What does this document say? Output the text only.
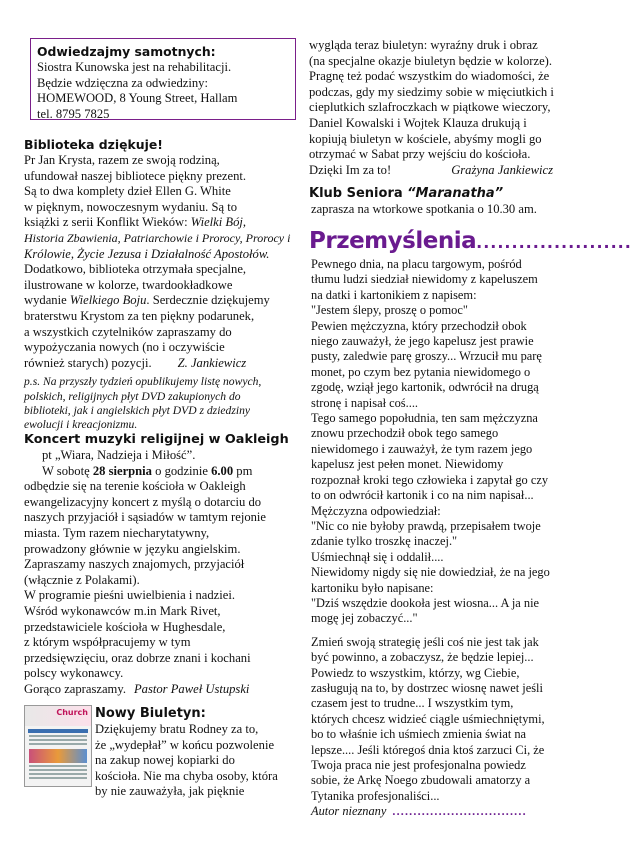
Odwiedzajmy samotnych:

Siostra Kunowska jest na rehabilitacji.

Będzie wdzięczna za odwiedziny:

HOMEWOOD, 8 Young Street, Hallam

tel. 8795 7825

Biblioteka dziękuje!

Pr Jan Krysta, razem ze swoją rodziną,

ufundował naszej bibliotece piękny prezent.

Są to dwa komplety dzieł Ellen G. White

w pięknym, nowoczesnym wydaniu. Są to

książki z serii Konflikt Wieków: Wielki Bój,

Historia Zbawienia, Patriarchowie i Prorocy, Prorocy i

Królowie, Życie Jezusa i Działalność Apostołów.

Dodatkowo, biblioteka otrzymała specjalne,

ilustrowane w kolorze, twardookładkowe

wydanie Wielkiego Boju. Serdecznie dziękujemy

braterstwu Krystom za ten piękny podarunek,

a wszystkich czytelników zapraszamy do

wypożyczania nowych (no i oczywiście

również starych) pozycji. Z. Jankiewicz

p.s. Na przyszły tydzień opublikujemy listę nowych,

polskich, religijnych płyt DVD zakupionych do

biblioteki, jak i angielskich płyt DVD z dziedziny

ewolucji i kreacjonizmu.

Koncert muzyki religijnej w Oakleigh

pt „Wiara, Nadzieja i Miłość”.

W sobotę 28 sierpnia o godzinie 6.00 pm

odbędzie się na terenie kościoła w Oakleigh

ewangelizacyjny koncert z myślą o dotarciu do

naszych przyjaciół i sąsiadów w tamtym rejonie

miasta. Tym razem niecharytatywny,

prowadzony głównie w języku angielskim.

Zapraszamy naszych znajomych, przyjaciół

(włącznie z Polakami).

W programie pieśni uwielbienia i nadziei.

Wśród wykonawców m.in Mark Rivet,

przedstawiciele kościoła w Hughesdale,

z którym współpracujemy w tym

przedsięwzięciu, oraz dobrze znani i kochani

polscy wykonawcy.

Gorąco zapraszamy. Pastor Paweł Ustupski

Church Nowy Biuletyn:

Dziękujemy bratu Rodney za to,

że „wydepłał” w końcu pozwolenie

na zakup nowej kopiarki do

kościoła. Nie ma chyba osoby, która

by nie zauważyła, jak pięknie

wygląda teraz biuletyn: wyraźny druk i obraz

(na specjalne okazje biuletyn będzie w kolorze).

Pragnę też podać wszystkim do wiadomości, że

podczas, gdy my siedzimy sobie w mięciutkich i

cieplutkich szlafroczkach w piątkowe wieczory,

Daniel Kowalski i Wojtek Klauza drukują i

kopiują biuletyn w kościele, abyśmy mogli go

otrzymać w Sabat przy wejściu do kościoła.

Dzięki Im za to!	Grażyna Jankiewicz

Klub Seniora “Maranatha”

zaprasza na wtorkowe spotkania o 10.30 am.

Przemyślenia......................

Pewnego dnia, na placu targowym, pośród

tłumu ludzi siedział niewidomy z kapeluszem

na datki i kartonikiem z napisem:

"Jestem ślepy, proszę o pomoc"

Pewien mężczyzna, który przechodził obok

niego zauważył, że jego kapelusz jest prawie

pusty, zaledwie parę groszy... Wrzucił mu parę

monet, po czym bez pytania niewidomego o

zgodę, wziął jego kartonik, odwrócił na drugą

stronę i napisał coś....

Tego samego popołudnia, ten sam mężczyzna

znowu przechodził obok tego samego

niewidomego i zauważył, że tym razem jego

kapelusz jest pełen monet. Niewidomy

rozpoznał kroki tego człowieka i zapytał go czy

to on odwrócił kartonik i co na nim napisał...

Mężczyzna odpowiedział:

"Nic co nie byłoby prawdą, przepisałem twoje

zdanie tylko troszkę inaczej."

Uśmiechnął się i oddalił....

Niewidomy nigdy się nie dowiedział, że na jego

kartoniku było napisane:

"Dziś wszędzie dookoła jest wiosna... A ja nie

mogę jej zobaczyć..."

Zmień swoją strategię jeśli coś nie jest tak jak

być powinno, a zobaczysz, że będzie lepiej...

Powiedz to wszystkim, którzy, wg Ciebie,

zasługują na to, by dostrzec wiosnę nawet jeśli

czasem jest to trudne... I wszystkim tym,

których chcesz widzieć ciągle uśmiechniętymi,

bo to właśnie ich uśmiech zmienia świat na

lepsze.... Jeśli któregoś dnia ktoś zarzuci Ci, że

Twoja praca nie jest profesjonalna powiedz

sobie, że Arkę Noego zbudowali amatorzy a

Tytanika profesjonaliści...

Autor nieznany ................................
